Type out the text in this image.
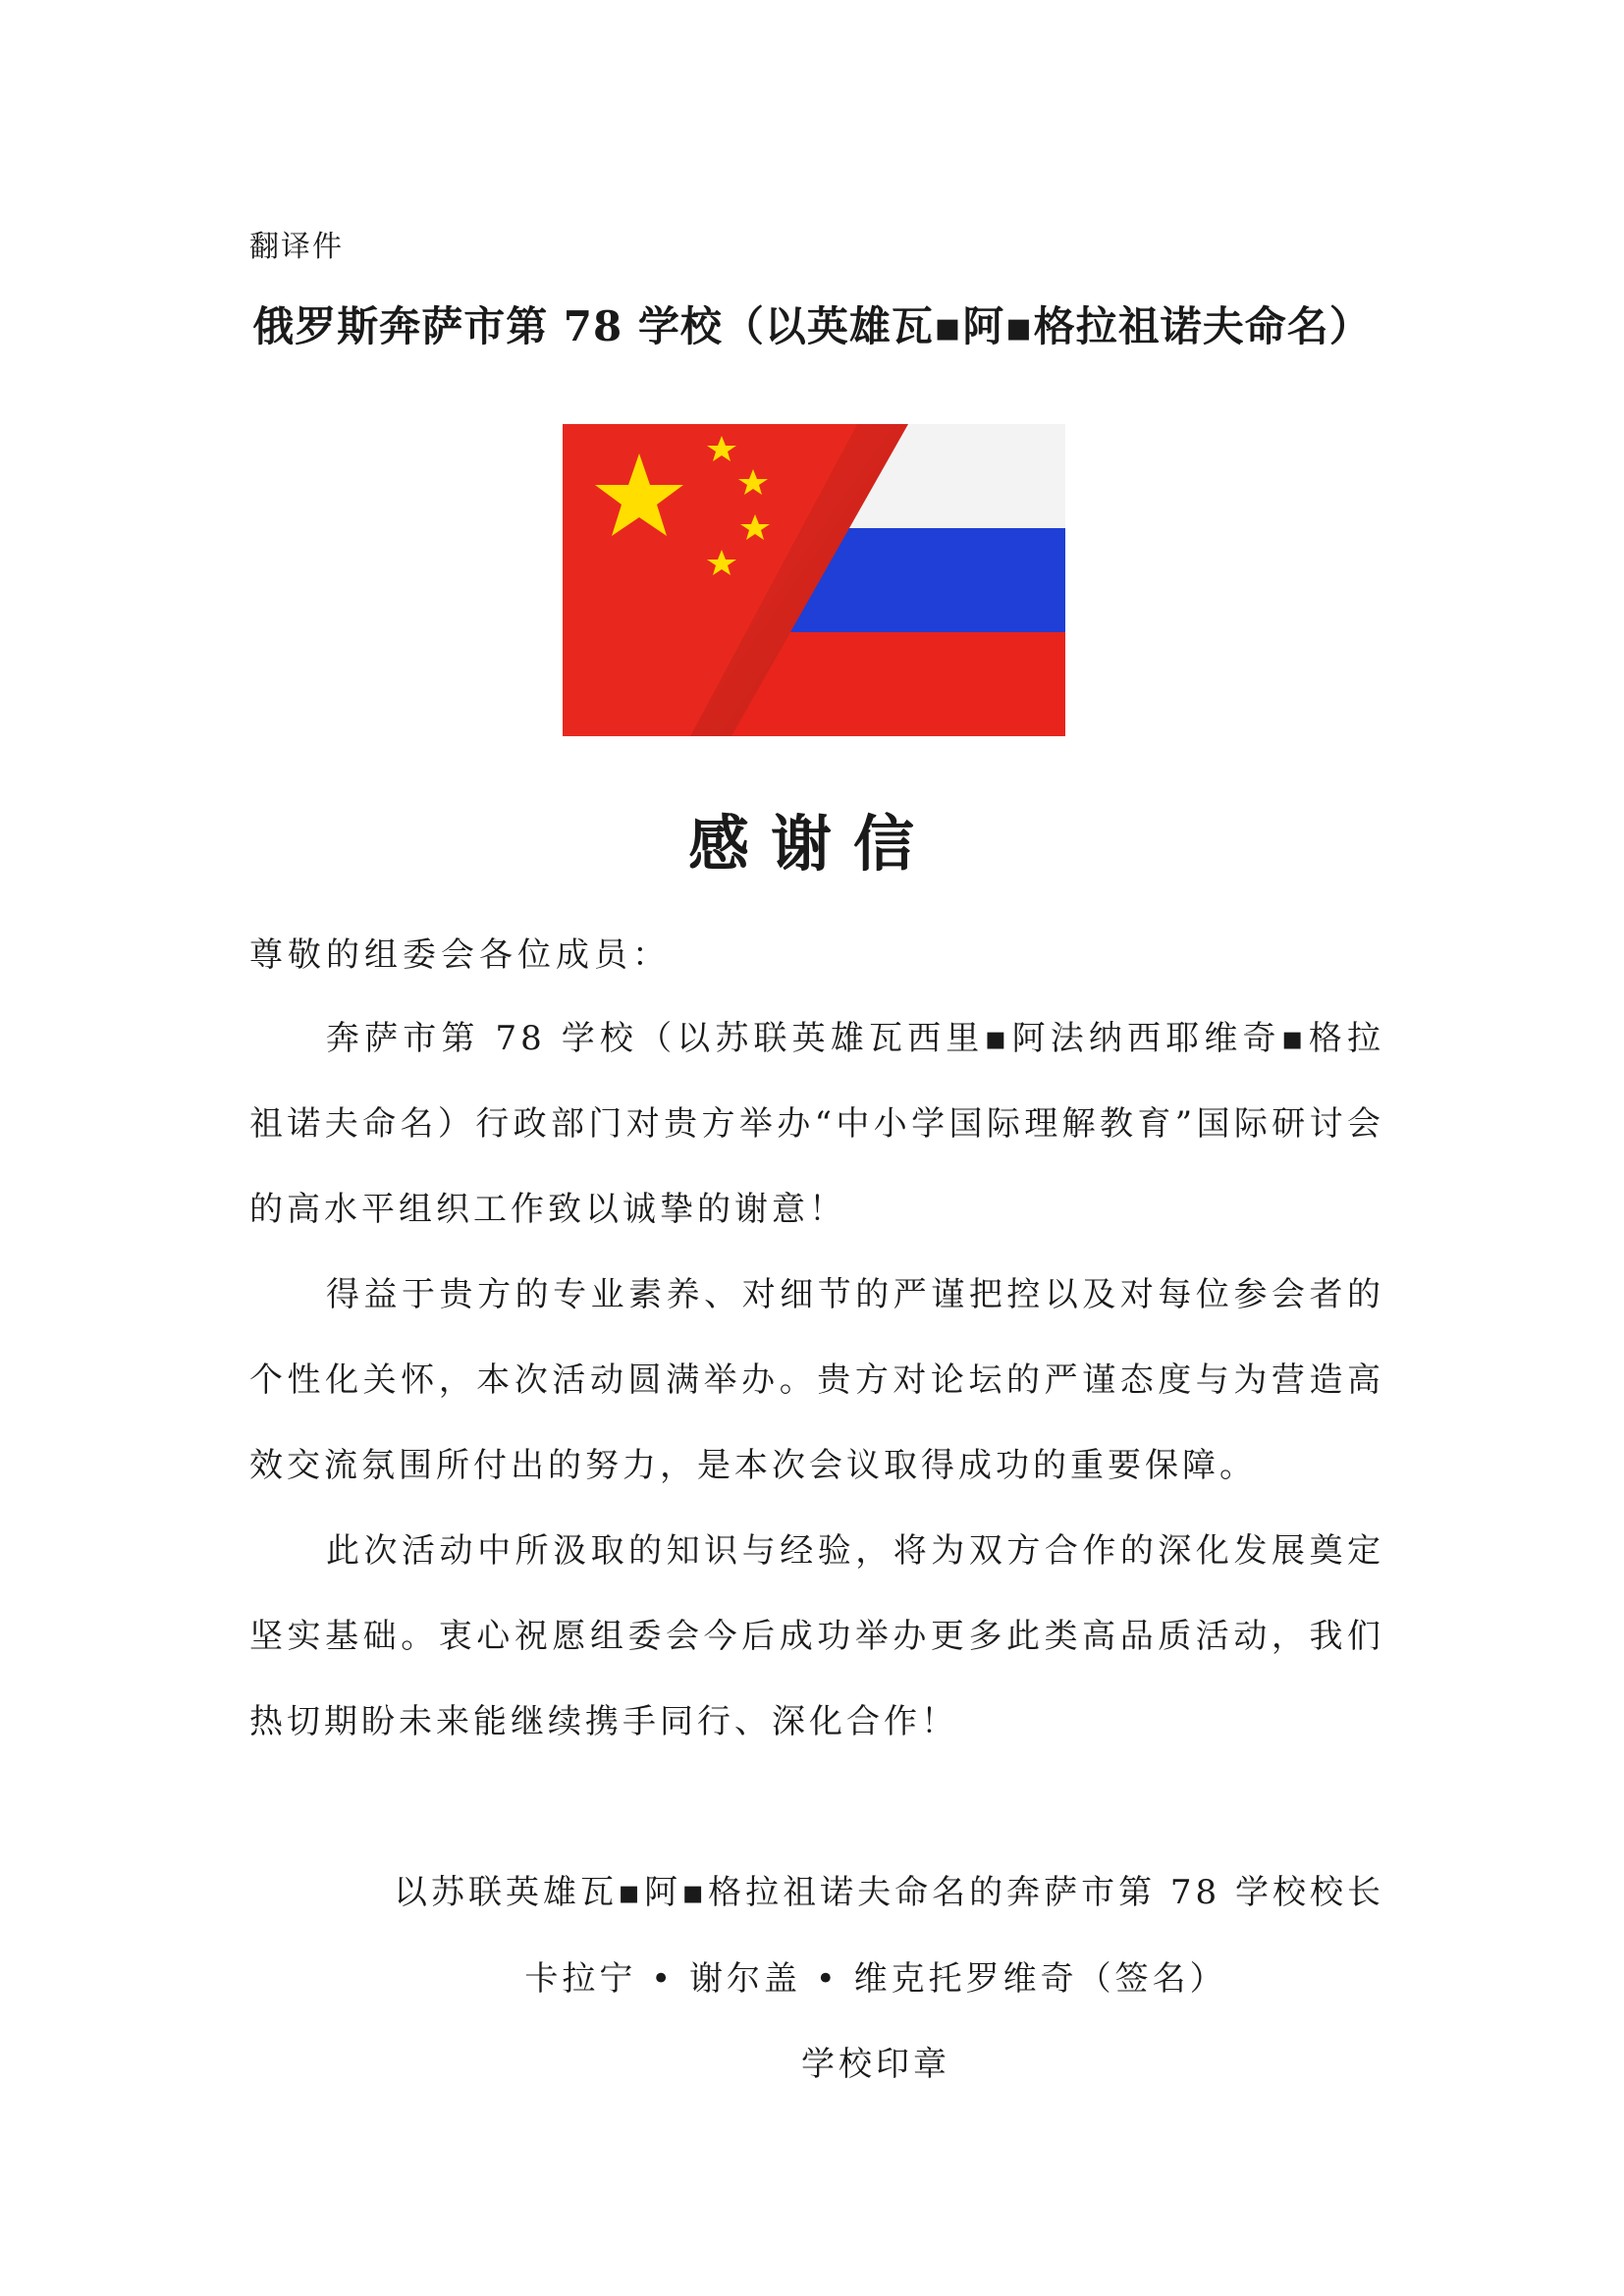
翻译件
俄罗斯奔萨市第 78 学校（以英雄瓦▪阿▪格拉祖诺夫命名）
感谢信
尊敬的组委会各位成员：

奔萨市第 78 学校（以苏联英雄瓦西里▪阿法纳西耶维奇▪格拉祖诺夫命名）行政部门对贵方举办“中小学国际理解教育”国际研讨会的高水平组织工作致以诚挚的谢意！

得益于贵方的专业素养、对细节的严谨把控以及对每位参会者的个性化关怀，本次活动圆满举办。贵方对论坛的严谨态度与为营造高效交流氛围所付出的努力，是本次会议取得成功的重要保障。

此次活动中所汲取的知识与经验，将为双方合作的深化发展奠定坚实基础。衷心祝愿组委会今后成功举办更多此类高品质活动，我们热切期盼未来能继续携手同行、深化合作！

以苏联英雄瓦▪阿▪格拉祖诺夫命名的奔萨市第 78 学校校长
卡拉宁 • 谢尔盖 • 维克托罗维奇（签名）
学校印章
